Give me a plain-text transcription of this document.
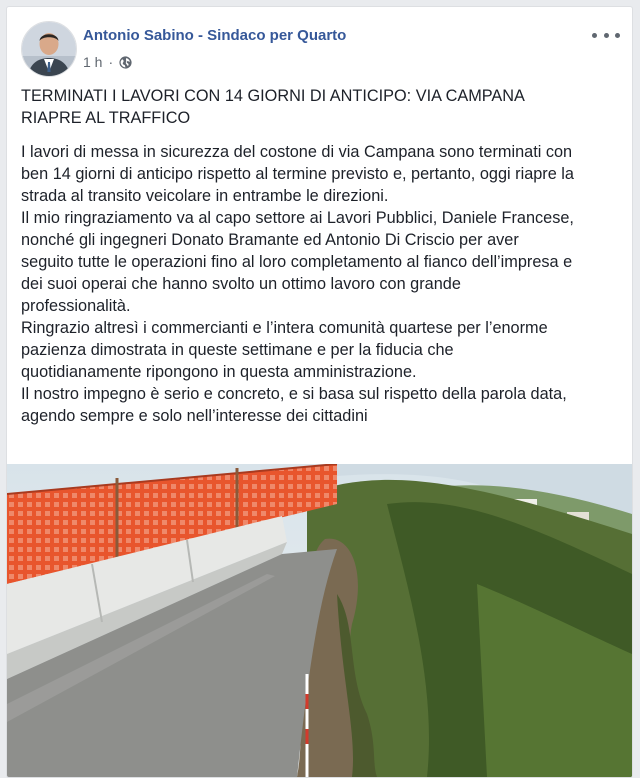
Antonio Sabino - Sindaco per Quarto
1 h ·
TERMINATI I LAVORI CON 14 GIORNI DI ANTICIPO: VIA CAMPANA
RIAPRE AL TRAFFICO
I lavori di messa in sicurezza del costone di via Campana sono terminati con
ben 14 giorni di anticipo rispetto al termine previsto e, pertanto, oggi riapre la
strada al transito veicolare in entrambe le direzioni.
Il mio ringraziamento va al capo settore ai Lavori Pubblici, Daniele Francese,
nonché gli ingegneri Donato Bramante ed Antonio Di Criscio per aver
seguito tutte le operazioni fino al loro completamento al fianco dell’impresa e
dei suoi operai che hanno svolto un ottimo lavoro con grande
professionalità.
Ringrazio altresì i commercianti e l’intera comunità quartese per l’enorme
pazienza dimostrata in queste settimane e per la fiducia che
quotidianamente ripongono in questa amministrazione.
Il nostro impegno è serio e concreto, e si basa sul rispetto della parola data,
agendo sempre e solo nell’interesse dei cittadini
